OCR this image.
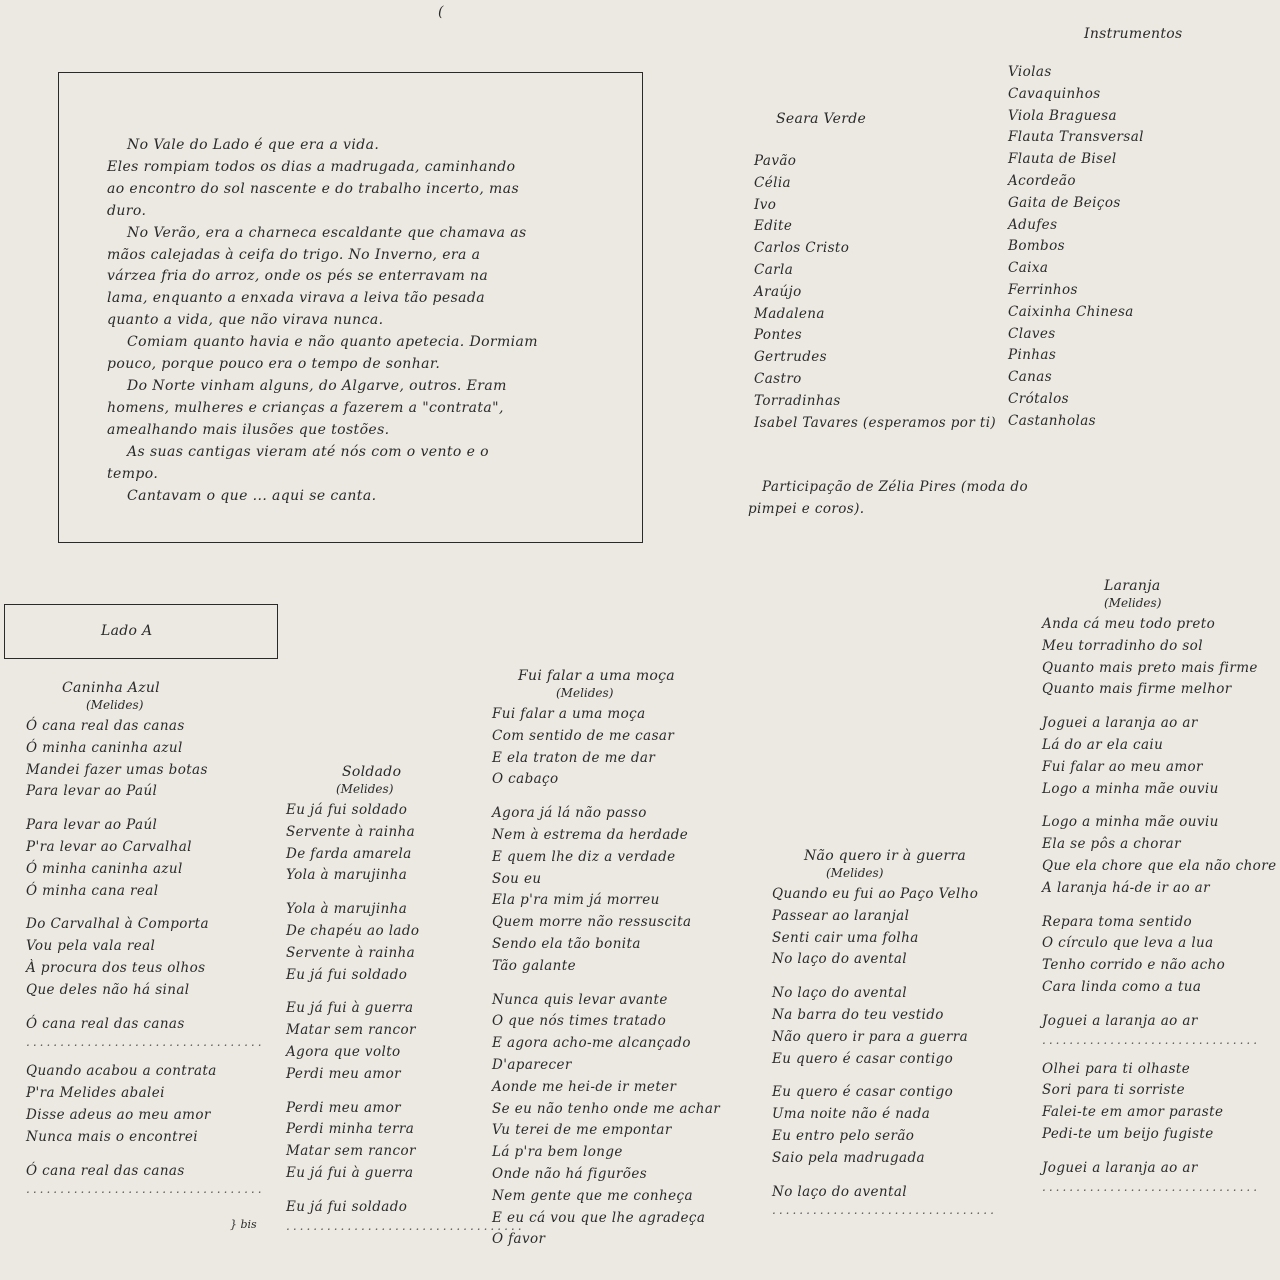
(

No Vale do Lado é que era a vida.

Eles rompiam todos os dias a madrugada, caminhando

ao encontro do sol nascente e do trabalho incerto, mas

duro.

No Verão, era a charneca escaldante que chamava as

mãos calejadas à ceifa do trigo. No Inverno, era a

várzea fria do arroz, onde os pés se enterravam na

lama, enquanto a enxada virava a leiva tão pesada

quanto a vida, que não virava nunca.

Comiam quanto havia e não quanto apetecia. Dormiam

pouco, porque pouco era o tempo de sonhar.

Do Norte vinham alguns, do Algarve, outros. Eram

homens, mulheres e crianças a fazerem a "contrata",

amealhando mais ilusões que tostões.

As suas cantigas vieram até nós com o vento e o

tempo.

Cantavam o que ... aqui se canta.

Seara Verde
Pavão
Célia
Ivo
Edite
Carlos Cristo
Carla
Araújo
Madalena
Pontes
Gertrudes
Castro
Torradinhas
Isabel Tavares (esperamos por ti)
Instrumentos
Violas
Cavaquinhos
Viola Braguesa
Flauta Transversal
Flauta de Bisel
Acordeão
Gaita de Beiços
Adufes
Bombos
Caixa
Ferrinhos
Caixinha Chinesa
Claves
Pinhas
Canas
Crótalos
Castanholas
Participação de Zélia Pires (moda do
pimpei e coros).
Lado A
Caninha Azul
(Melides)
Ó cana real das canas
Ó minha caninha azul
Mandei fazer umas botas
Para levar ao Paúl
Para levar ao Paúl
P'ra levar ao Carvalhal
Ó minha caninha azul
Ó minha cana real
Do Carvalhal à Comporta
Vou pela vala real
À procura dos teus olhos
Que deles não há sinal
Ó cana real das canas
...................................
Quando acabou a contrata
P'ra Melides abalei
Disse adeus ao meu amor
Nunca mais o encontrei
Ó cana real das canas
...................................
} bis
Soldado
(Melides)
Eu já fui soldado
Servente à rainha
De farda amarela
Yola à marujinha
Yola à marujinha
De chapéu ao lado
Servente à rainha
Eu já fui soldado
Eu já fui à guerra
Matar sem rancor
Agora que volto
Perdi meu amor
Perdi meu amor
Perdi minha terra
Matar sem rancor
Eu já fui à guerra
Eu já fui soldado
...................................
Fui falar a uma moça
(Melides)
Fui falar a uma moça
Com sentido de me casar
E ela traton de me dar
O cabaço
Agora já lá não passo
Nem à estrema da herdade
E quem lhe diz a verdade
Sou eu
Ela p'ra mim já morreu
Quem morre não ressuscita
Sendo ela tão bonita
Tão galante
Nunca quis levar avante
O que nós times tratado
E agora acho-me alcançado
D'aparecer
Aonde me hei-de ir meter
Se eu não tenho onde me achar
Vu terei de me empontar
Lá p'ra bem longe
Onde não há figurões
Nem gente que me conheça
E eu cá vou que lhe agradeça
O favor
Não quero ir à guerra
(Melides)
Quando eu fui ao Paço Velho
Passear ao laranjal
Senti cair uma folha
No laço do avental
No laço do avental
Na barra do teu vestido
Não quero ir para a guerra
Eu quero é casar contigo
Eu quero é casar contigo
Uma noite não é nada
Eu entro pelo serão
Saio pela madrugada
No laço do avental
.................................
Laranja
(Melides)
Anda cá meu todo preto
Meu torradinho do sol
Quanto mais preto mais firme
Quanto mais firme melhor
Joguei a laranja ao ar
Lá do ar ela caiu
Fui falar ao meu amor
Logo a minha mãe ouviu
Logo a minha mãe ouviu
Ela se pôs a chorar
Que ela chore que ela não chore
A laranja há-de ir ao ar
Repara toma sentido
O círculo que leva a lua
Tenho corrido e não acho
Cara linda como a tua
Joguei a laranja ao ar
................................
Olhei para ti olhaste
Sori para ti sorriste
Falei-te em amor paraste
Pedi-te um beijo fugiste
Joguei a laranja ao ar
................................
